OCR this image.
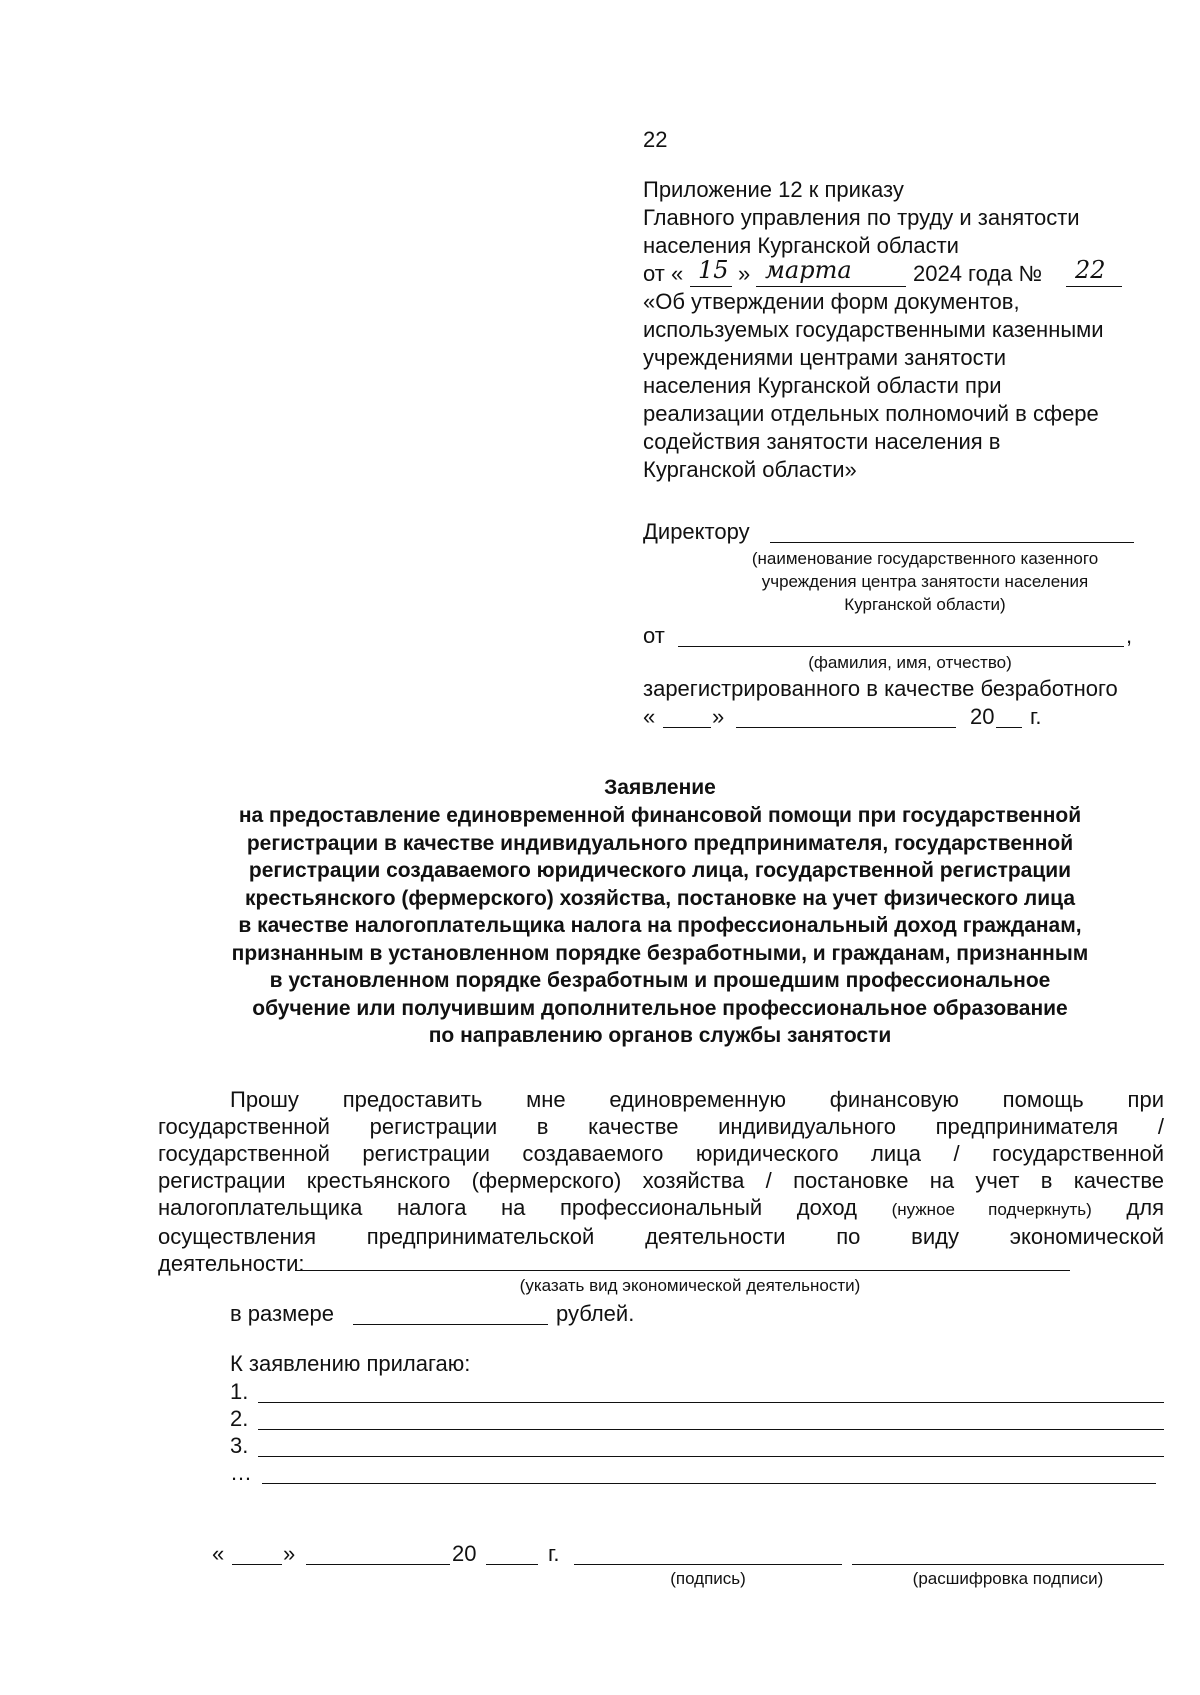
22
Приложение 12 к приказу
Главного управления по труду и занятости
населения Курганской области
от « 15 » марта	2024 года № 22
«Об утверждении форм документов,
используемых государственными казенными
учреждениями центрами занятости
населения Курганской области при
реализации отдельных полномочий в сфере
содействия занятости населения в
Курганской области»
Директору
(наименование государственного казенного
учреждения центра занятости населения
Курганской области)
от	,
(фамилия, имя, отчество)
зарегистрированного в качестве безработного
«	»	20 г.
Заявление
на предоставление единовременной финансовой помощи при государственной
регистрации в качестве индивидуального предпринимателя, государственной
регистрации создаваемого юридического лица, государственной регистрации
крестьянского (фермерского) хозяйства, постановке на учет физического лица
в качестве налогоплательщика налога на профессиональный доход гражданам,
признанным в установленном порядке безработными, и гражданам, признанным
в установленном порядке безработным и прошедшим профессиональное
обучение или получившим дополнительное профессиональное образование
по направлению органов службы занятости
Прошу предоставить мне единовременную финансовую помощь при
государственной регистрации в качестве индивидуального предпринимателя /
государственной регистрации создаваемого юридического лица / государственной
регистрации крестьянского (фермерского) хозяйства / постановке на учет в качестве
налогоплательщика налога на профессиональный доход (нужное подчеркнуть) для
осуществления предпринимательской деятельности по виду экономической
деятельности:
(указать вид экономической деятельности)
в размере	рублей.
К заявлению прилагаю:
1.
2.
3.
…
«	»	20	г.
(подпись)	(расшифровка подписи)
